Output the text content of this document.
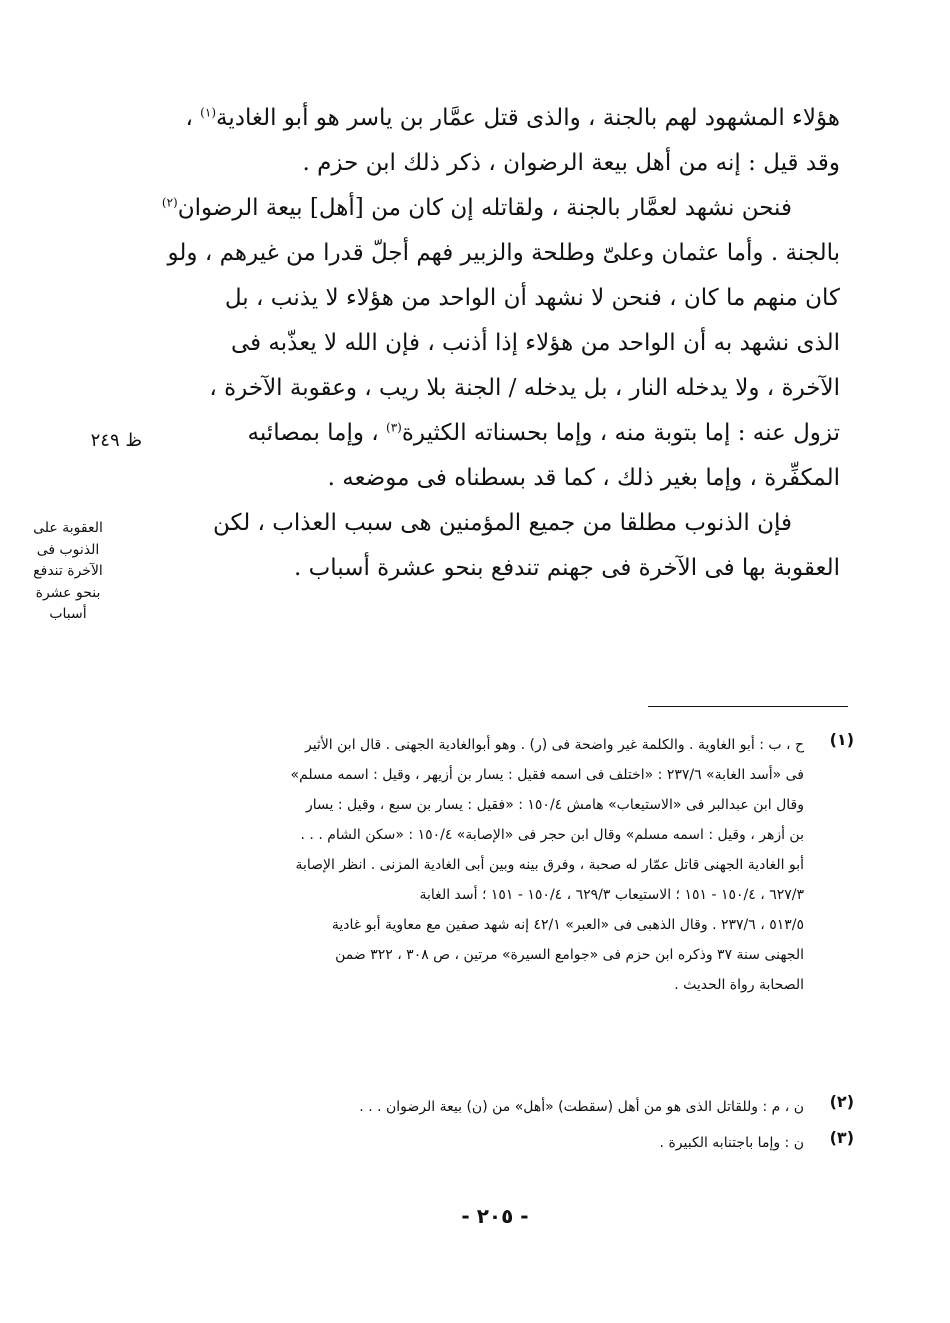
هؤلاء المشهود لهم بالجنة ، والذى قتل عمَّار بن ياسر هو أبو الغادية$^{(١)}$ ،

وقد قيل : إنه من أهل بيعة الرضوان ، ذكر ذلك ابن حزم .

فنحن نشهد لعمَّار بالجنة ، ولقاتله إن كان من [أهل] بيعة الرضوان$^{(٢)}$

بالجنة . وأما عثمان وعلىّ وطلحة والزبير فهم أجلّ قدرا من غيرهم ، ولو

كان منهم ما كان ، فنحن لا نشهد أن الواحد من هؤلاء لا يذنب ، بل

الذى نشهد به أن الواحد من هؤلاء إذا أذنب ، فإن الله لا يعذّبه فى

الآخرة ، ولا يدخله النار ، بل يدخله / الجنة بلا ريب ، وعقوبة الآخرة ،

تزول عنه : إما بتوبة منه ، وإما بحسناته الكثيرة$^{(٣)}$ ، وإما بمصائبه

المكفِّرة ، وإما بغير ذلك ، كما قد بسطناه فى موضعه .

فإن الذنوب مطلقا من جميع المؤمنين هى سبب العذاب ، لكن

العقوبة بها فى الآخرة فى جهنم تندفع بنحو عشرة أسباب .

ظ ٢٤٩
العقوبة على
الذنوب فى
الآخرة تندفع
بنحو عشرة
أسباب
(١)
ح ، ب : أبو الغاوية . والكلمة غير واضحة فى (ر) . وهو أبوالغادية الجهنى . قال ابن الأثير
فى «أسد الغابة» ٢٣٧/٦ : «اختلف فى اسمه فقيل : يسار بن أزيهر ، وقيل : اسمه مسلم»
وقال ابن عبدالبر فى «الاستيعاب» هامش ١٥٠/٤ : «فقيل : يسار بن سبع ، وقيل : يسار
بن أزهر ، وقيل : اسمه مسلم» وقال ابن حجر فى «الإصابة» ١٥٠/٤ : «سكن الشام . . .
أبو الغادية الجهنى قاتل عمّار له صحبة ، وفرق بينه وبين أبى الغادية المزنى . انظر الإصابة
٦٢٧/٣ ، ١٥٠/٤ - ١٥١ ؛ الاستيعاب ٦٢٩/٣ ، ١٥٠/٤ - ١٥١ ؛ أسد الغابة
٥١٣/٥ ، ٢٣٧/٦ . وقال الذهبى فى «العبر» ٤٢/١ إنه شهد صفين مع معاوية أبو غادية
الجهنى سنة ٣٧ وذكره ابن حزم فى «جوامع السيرة» مرتين ، ص ٣٠٨ ، ٣٢٢ ضمن
الصحابة رواة الحديث .
(٢)
ن ، م : وللقاتل الذى هو من أهل (سقطت) «أهل» من (ن) بيعة الرضوان . . .
(٣)
ن : وإما باجتنابه الكبيرة .
- ٢٠٥ -
